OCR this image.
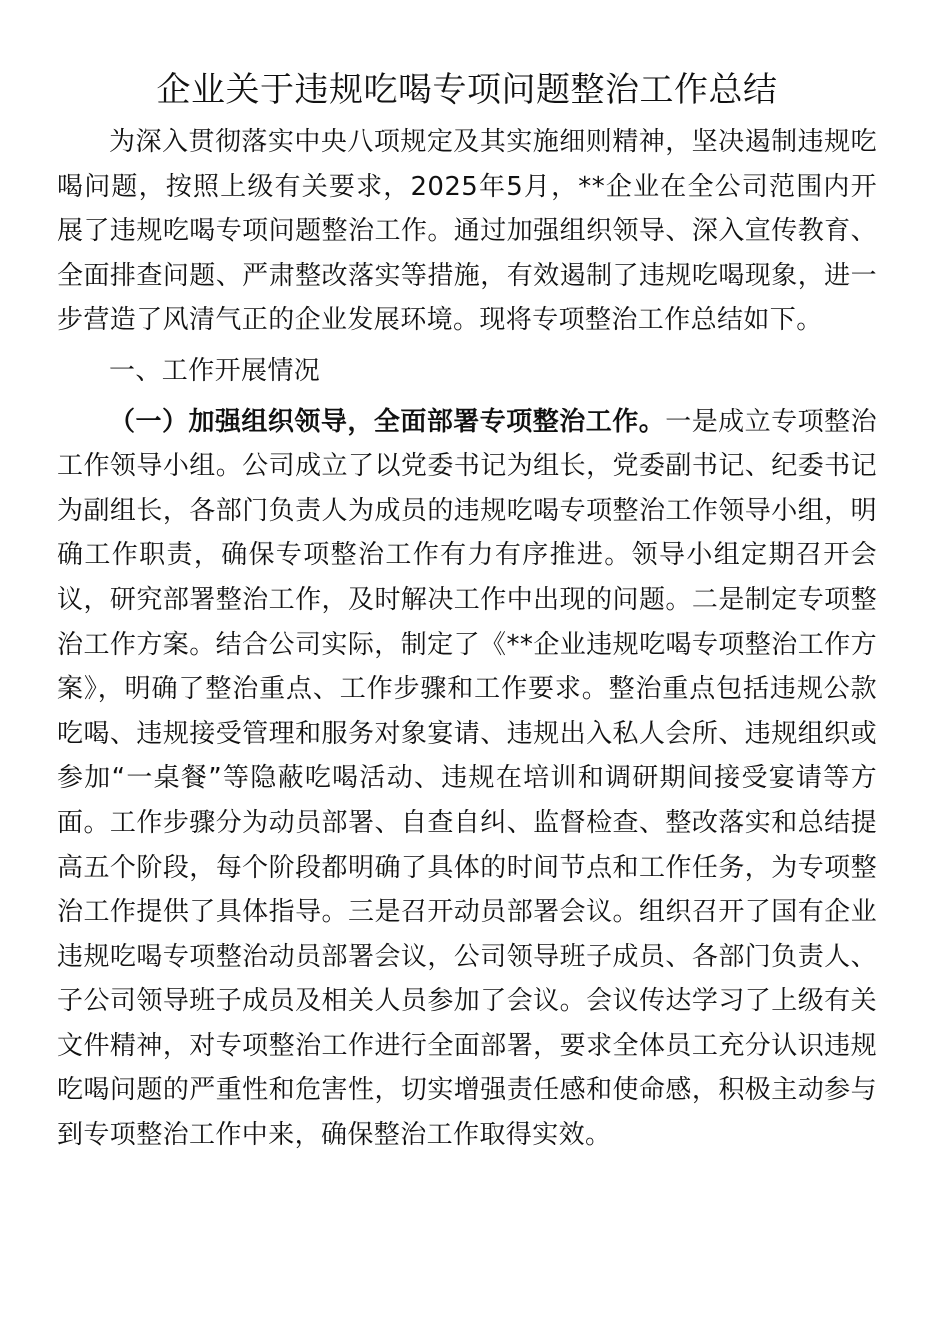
企业关于违规吃喝专项问题整治工作总结

为深入贯彻落实中央八项规定及其实施细则精神，坚决遏制违规吃喝问题，按照上级有关要求，2025年5月，**企业在全公司范围内开展了违规吃喝专项问题整治工作。通过加强组织领导、深入宣传教育、全面排查问题、严肃整改落实等措施，有效遏制了违规吃喝现象，进一步营造了风清气正的企业发展环境。现将专项整治工作总结如下。

一、工作开展情况

（一）加强组织领导，全面部署专项整治工作。一是成立专项整治工作领导小组。公司成立了以党委书记为组长，党委副书记、纪委书记为副组长，各部门负责人为成员的违规吃喝专项整治工作领导小组，明确工作职责，确保专项整治工作有力有序推进。领导小组定期召开会议，研究部署整治工作，及时解决工作中出现的问题。二是制定专项整治工作方案。结合公司实际，制定了《**企业违规吃喝专项整治工作方案》，明确了整治重点、工作步骤和工作要求。整治重点包括违规公款吃喝、违规接受管理和服务对象宴请、违规出入私人会所、违规组织或参加“一桌餐”等隐蔽吃喝活动、违规在培训和调研期间接受宴请等方面。工作步骤分为动员部署、自查自纠、监督检查、整改落实和总结提高五个阶段，每个阶段都明确了具体的时间节点和工作任务，为专项整治工作提供了具体指导。三是召开动员部署会议。组织召开了国有企业违规吃喝专项整治动员部署会议，公司领导班子成员、各部门负责人、子公司领导班子成员及相关人员参加了会议。会议传达学习了上级有关文件精神，对专项整治工作进行全面部署，要求全体员工充分认识违规吃喝问题的严重性和危害性，切实增强责任感和使命感，积极主动参与到专项整治工作中来，确保整治工作取得实效。
